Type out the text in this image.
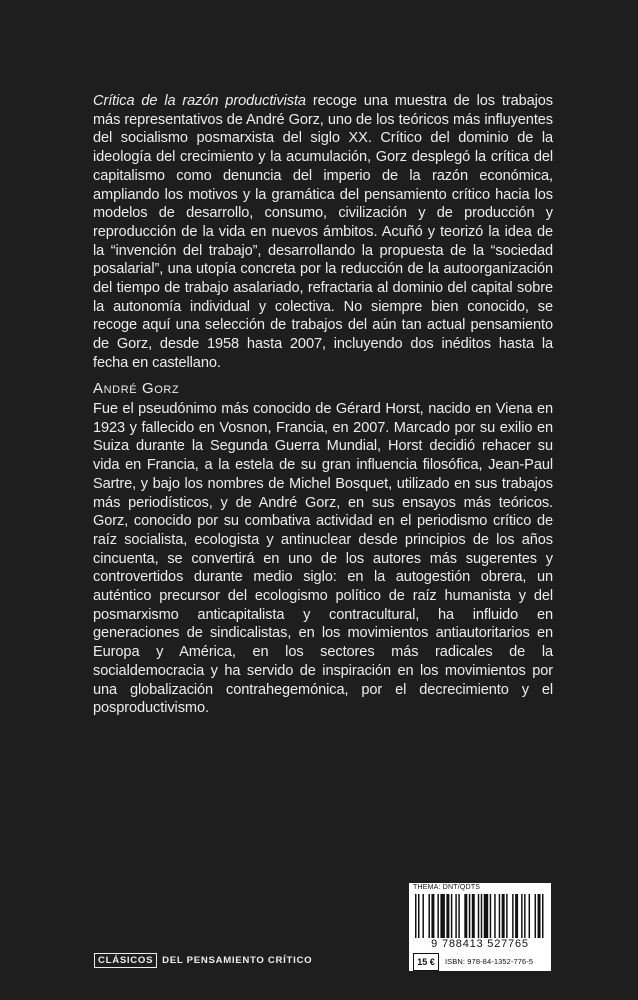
Crítica de la razón productivista recoge una muestra de los trabajos más representativos de André Gorz, uno de los teóricos más influyentes del socialismo posmarxista del siglo XX. Crítico del dominio de la ideología del crecimiento y la acumulación, Gorz desplegó la crítica del capitalismo como denuncia del imperio de la razón económica, ampliando los motivos y la gramática del pensamiento crítico hacia los modelos de desarrollo, consumo, civilización y de producción y reproducción de la vida en nuevos ámbitos. Acuñó y teorizó la idea de la “invención del trabajo”, desarrollando la propuesta de la “sociedad posalarial”, una utopía concreta por la reducción de la autoorganización del tiempo de trabajo asalariado, refractaria al dominio del capital sobre la autonomía individual y colectiva. No siempre bien conocido, se recoge aquí una selección de trabajos del aún tan actual pensamiento de Gorz, desde 1958 hasta 2007, incluyendo dos inéditos hasta la fecha en castellano.

André Gorz

Fue el pseudónimo más conocido de Gérard Horst, nacido en Viena en 1923 y fallecido en Vosnon, Francia, en 2007. Marcado por su exilio en Suiza durante la Segunda Guerra Mundial, Horst decidió rehacer su vida en Francia, a la estela de su gran influencia filosófica, Jean-Paul Sartre, y bajo los nombres de Michel Bosquet, utilizado en sus trabajos más periodísticos, y de André Gorz, en sus ensayos más teóricos. Gorz, conocido por su combativa actividad en el periodismo crítico de raíz socialista, ecologista y antinuclear desde principios de los años cincuenta, se convertirá en uno de los autores más sugerentes y controvertidos durante medio siglo: en la autogestión obrera, un auténtico precursor del ecologismo político de raíz humanista y del posmarxismo anticapitalista y contracultural, ha influido en generaciones de sindicalistas, en los movimientos antiautoritarios en Europa y América, en los sectores más radicales de la socialdemocracia y ha servido de inspiración en los movimientos por una globalización contrahegemónica, por el decrecimiento y el posproductivismo.

THEMA: DNT/QDTS
9 788413 527765
15 €	ISBN: 978-84-1352-776-5
CLÁSICOS DEL PENSAMIENTO CRÍTICO
